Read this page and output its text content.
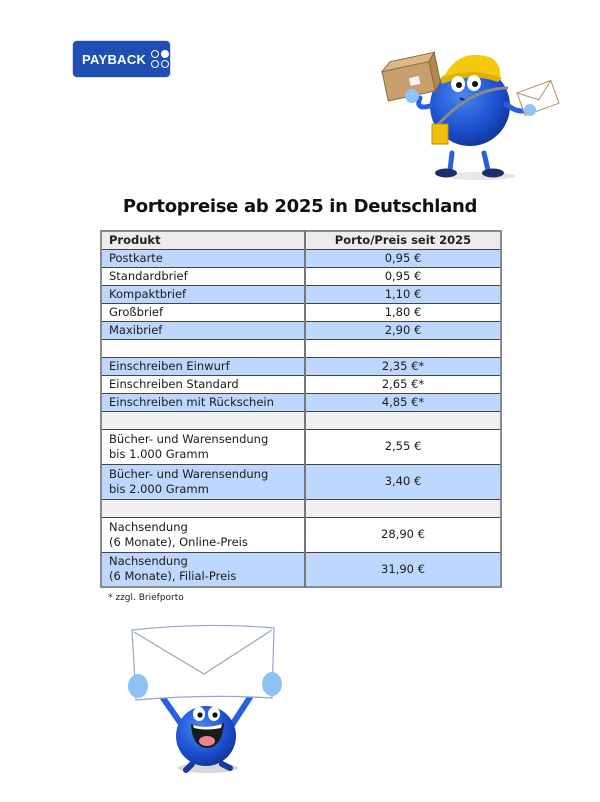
PAYBACK
Portopreise ab 2025 in Deutschland
Produkt	Porto/Preis seit 2025
Postkarte	0,95 €
Standardbrief	0,95 €
Kompaktbrief	1,10 €
Großbrief	1,80 €
Maxibrief	2,90 €

Einschreiben Einwurf	2,35 €*
Einschreiben Standard	2,65 €*
Einschreiben mit Rückschein	4,85 €*

Bücher- und Warensendung
bis 1.000 Gramm	2,55 €

Bücher- und Warensendung
bis 2.000 Gramm	3,40 €

Nachsendung
(6 Monate), Online-Preis	28,90 €

Nachsendung
(6 Monate), Filial-Preis	31,90 €
* zzgl. Briefporto
